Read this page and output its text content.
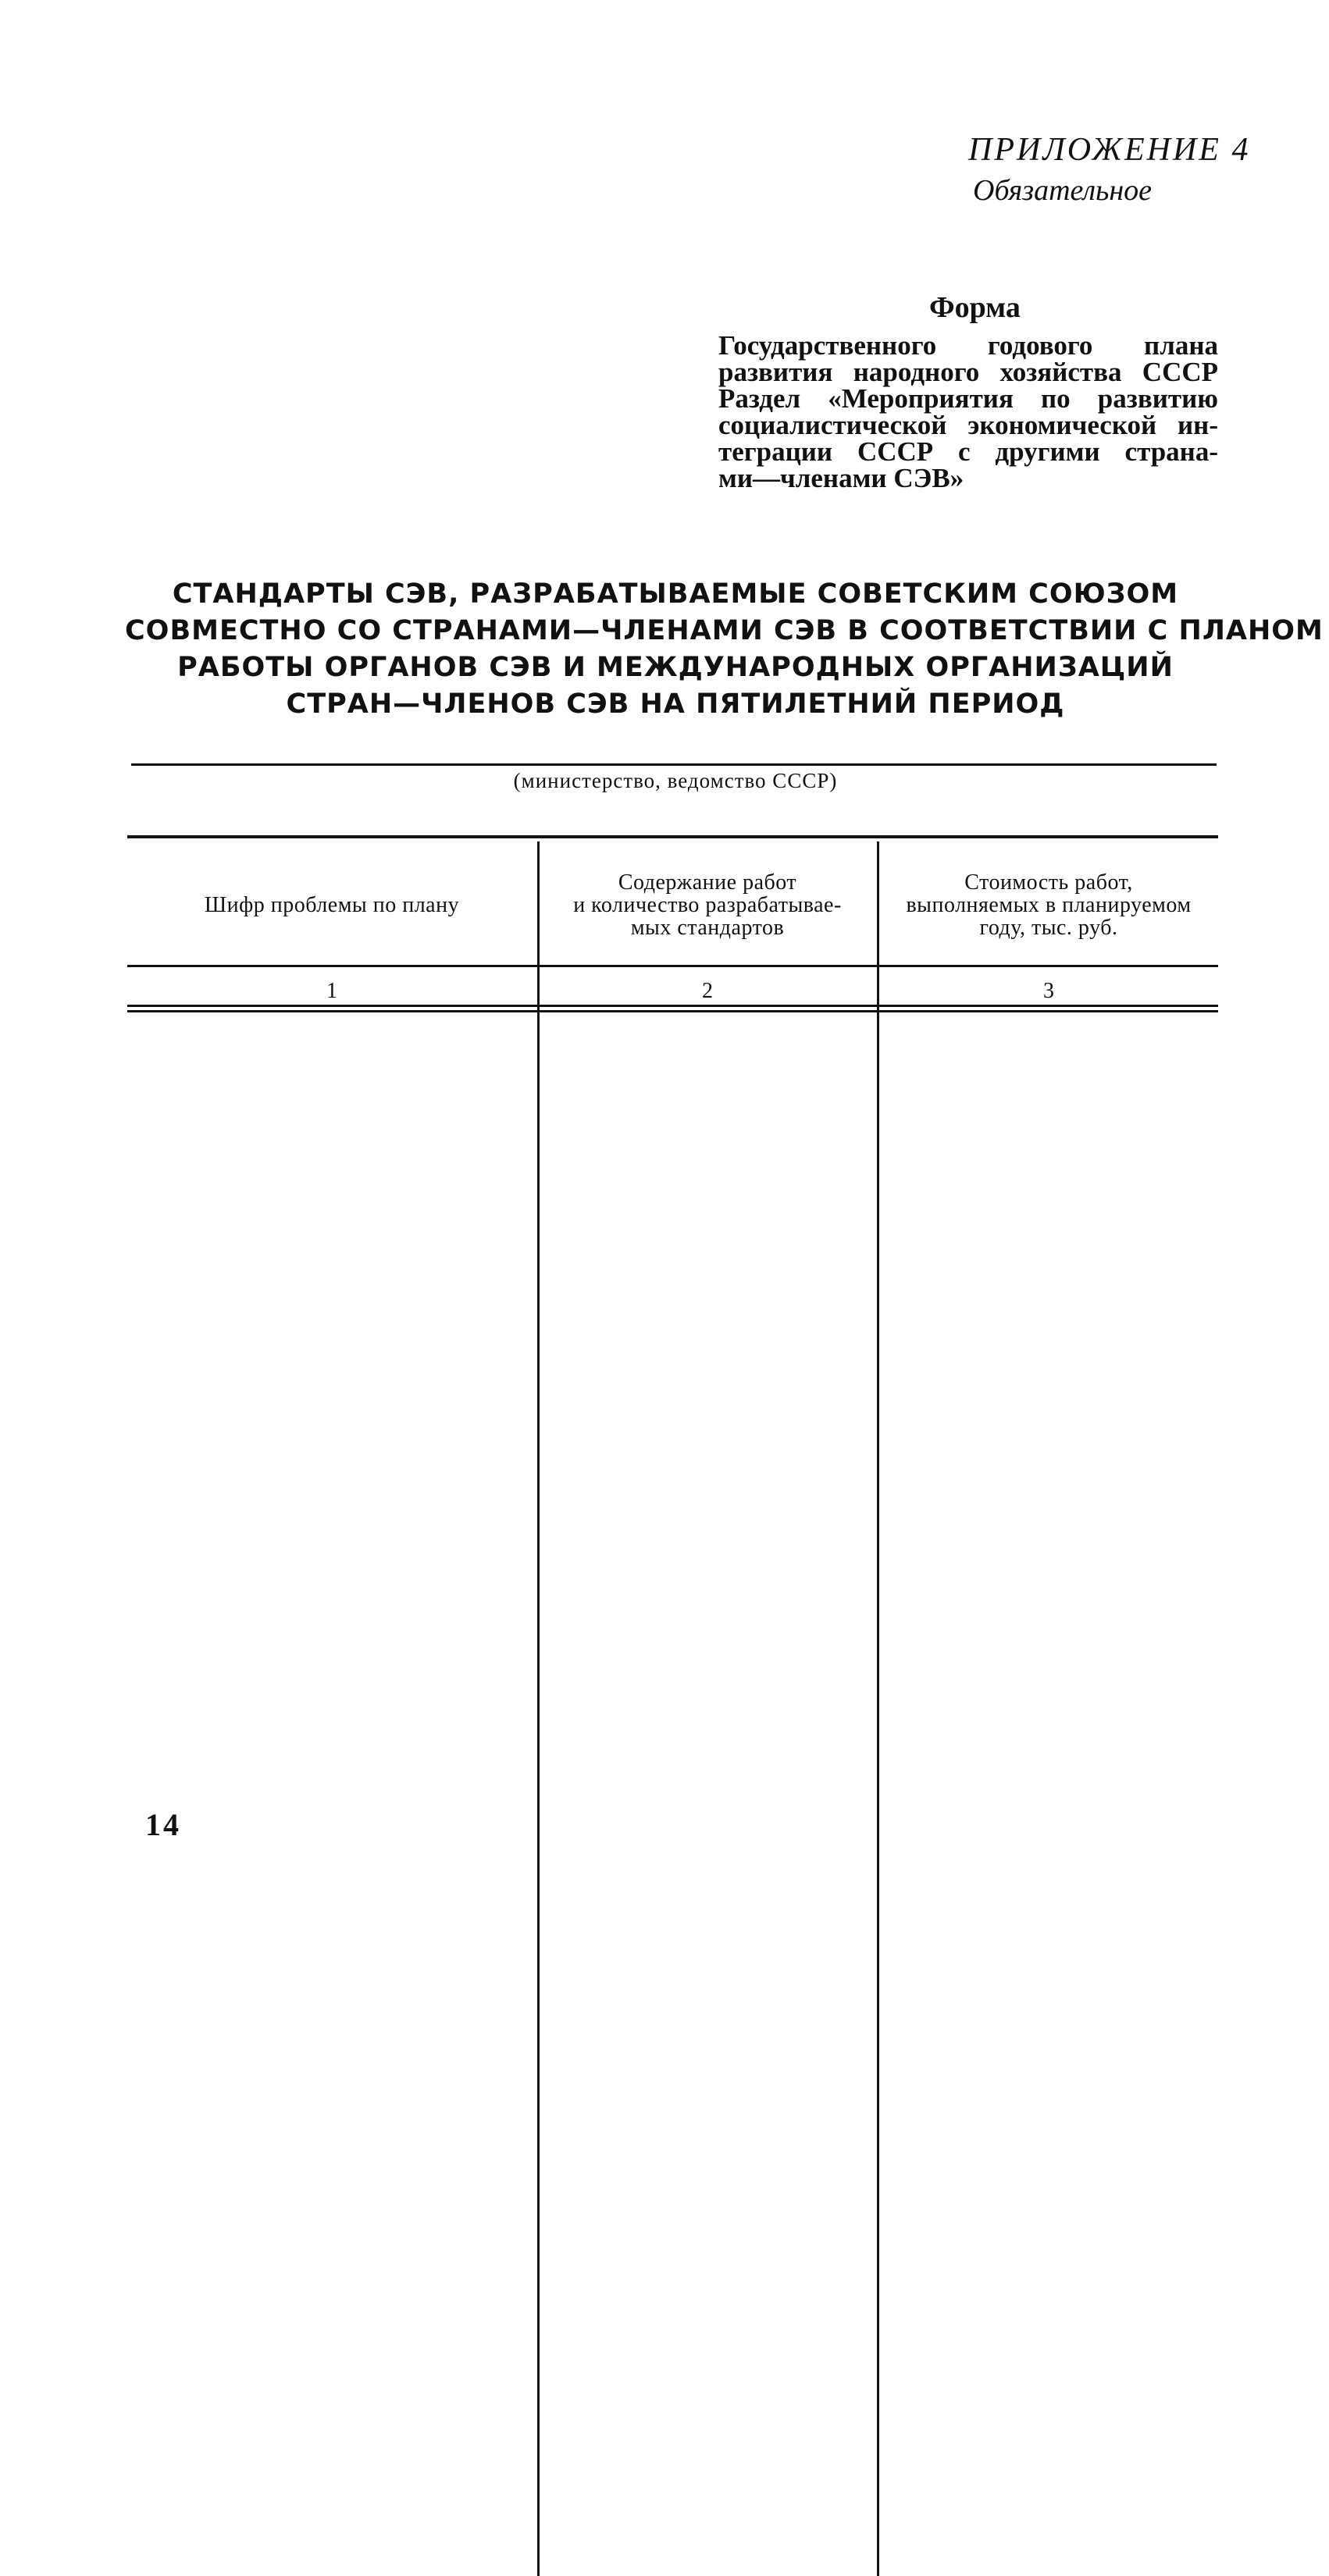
ПРИЛОЖЕНИЕ 4
Обязательное
Форма
Государственного годового плана
развития народного хозяйства СССР
Раздел «Мероприятия по развитию
социалистической экономической ин-
теграции СССР с другими страна-
ми—членами СЭВ»
СТАНДАРТЫ СЭВ, РАЗРАБАТЫВАЕМЫЕ СОВЕТСКИМ СОЮЗОМ
СОВМЕСТНО СО СТРАНАМИ—ЧЛЕНАМИ СЭВ В СООТВЕТСТВИИ С ПЛАНОМ
РАБОТЫ ОРГАНОВ СЭВ И МЕЖДУНАРОДНЫХ ОРГАНИЗАЦИЙ
СТРАН—ЧЛЕНОВ СЭВ НА ПЯТИЛЕТНИЙ ПЕРИОД
(министерство, ведомство СССР)
Шифр проблемы по плану
Содержание работ
и количество разрабатывае-
мых стандартов
Стоимость работ,
выполняемых в планируемом
году, тыс. руб.
1	2	3
14
